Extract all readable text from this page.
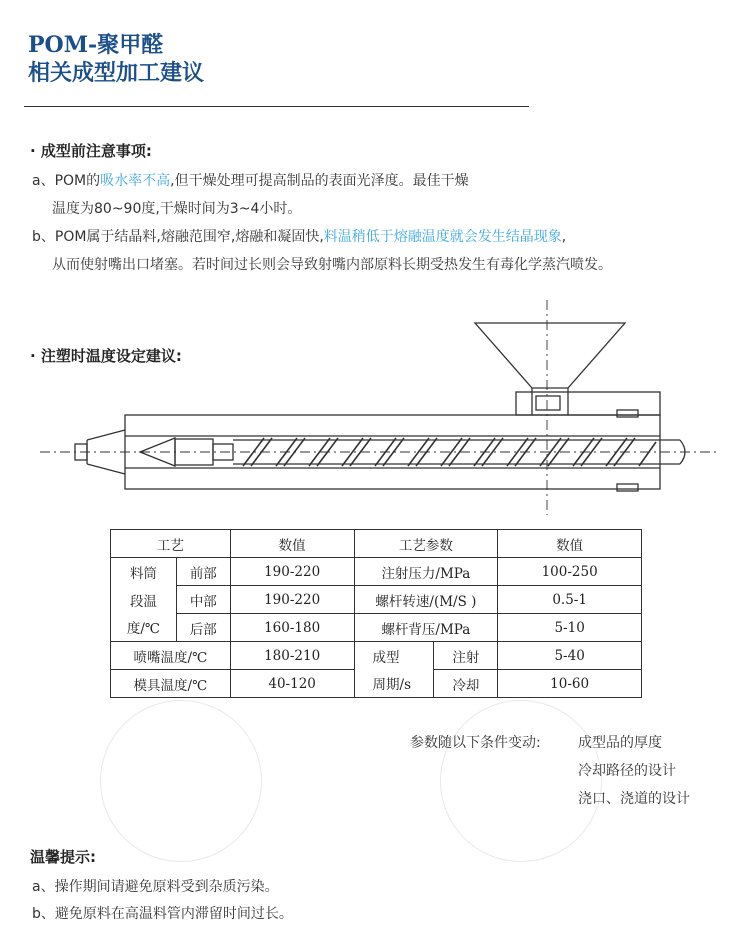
POM-聚甲醛
相关成型加工建议
· 成型前注意事项:
a、POM的吸水率不高,但干燥处理可提高制品的表面光泽度。最佳干燥
温度为80~90度,干燥时间为3~4小时。
b、POM属于结晶料,熔融范围窄,熔融和凝固快,料温稍低于熔融温度就会发生结晶现象,
从而使射嘴出口堵塞。若时间过长则会导致射嘴内部原料长期受热发生有毒化学蒸汽喷发。
· 注塑时温度设定建议:
工艺		数值	工艺参数		数值
料筒	前部	190-220	注射压力/MPa		100-250
段温	中部	190-220	螺杆转速/(M/S )		0.5-1
度/℃	后部	160-180	螺杆背压/MPa		5-10
喷嘴温度/℃		180-210	成型	注射	5-40
模具温度/℃		40-120	周期/s	冷却	10-60
参数随以下条件变动:	成型品的厚度
冷却路径的设计
浇口、浇道的设计
温馨提示:
a、操作期间请避免原料受到杂质污染。
b、避免原料在高温料管内滞留时间过长。
